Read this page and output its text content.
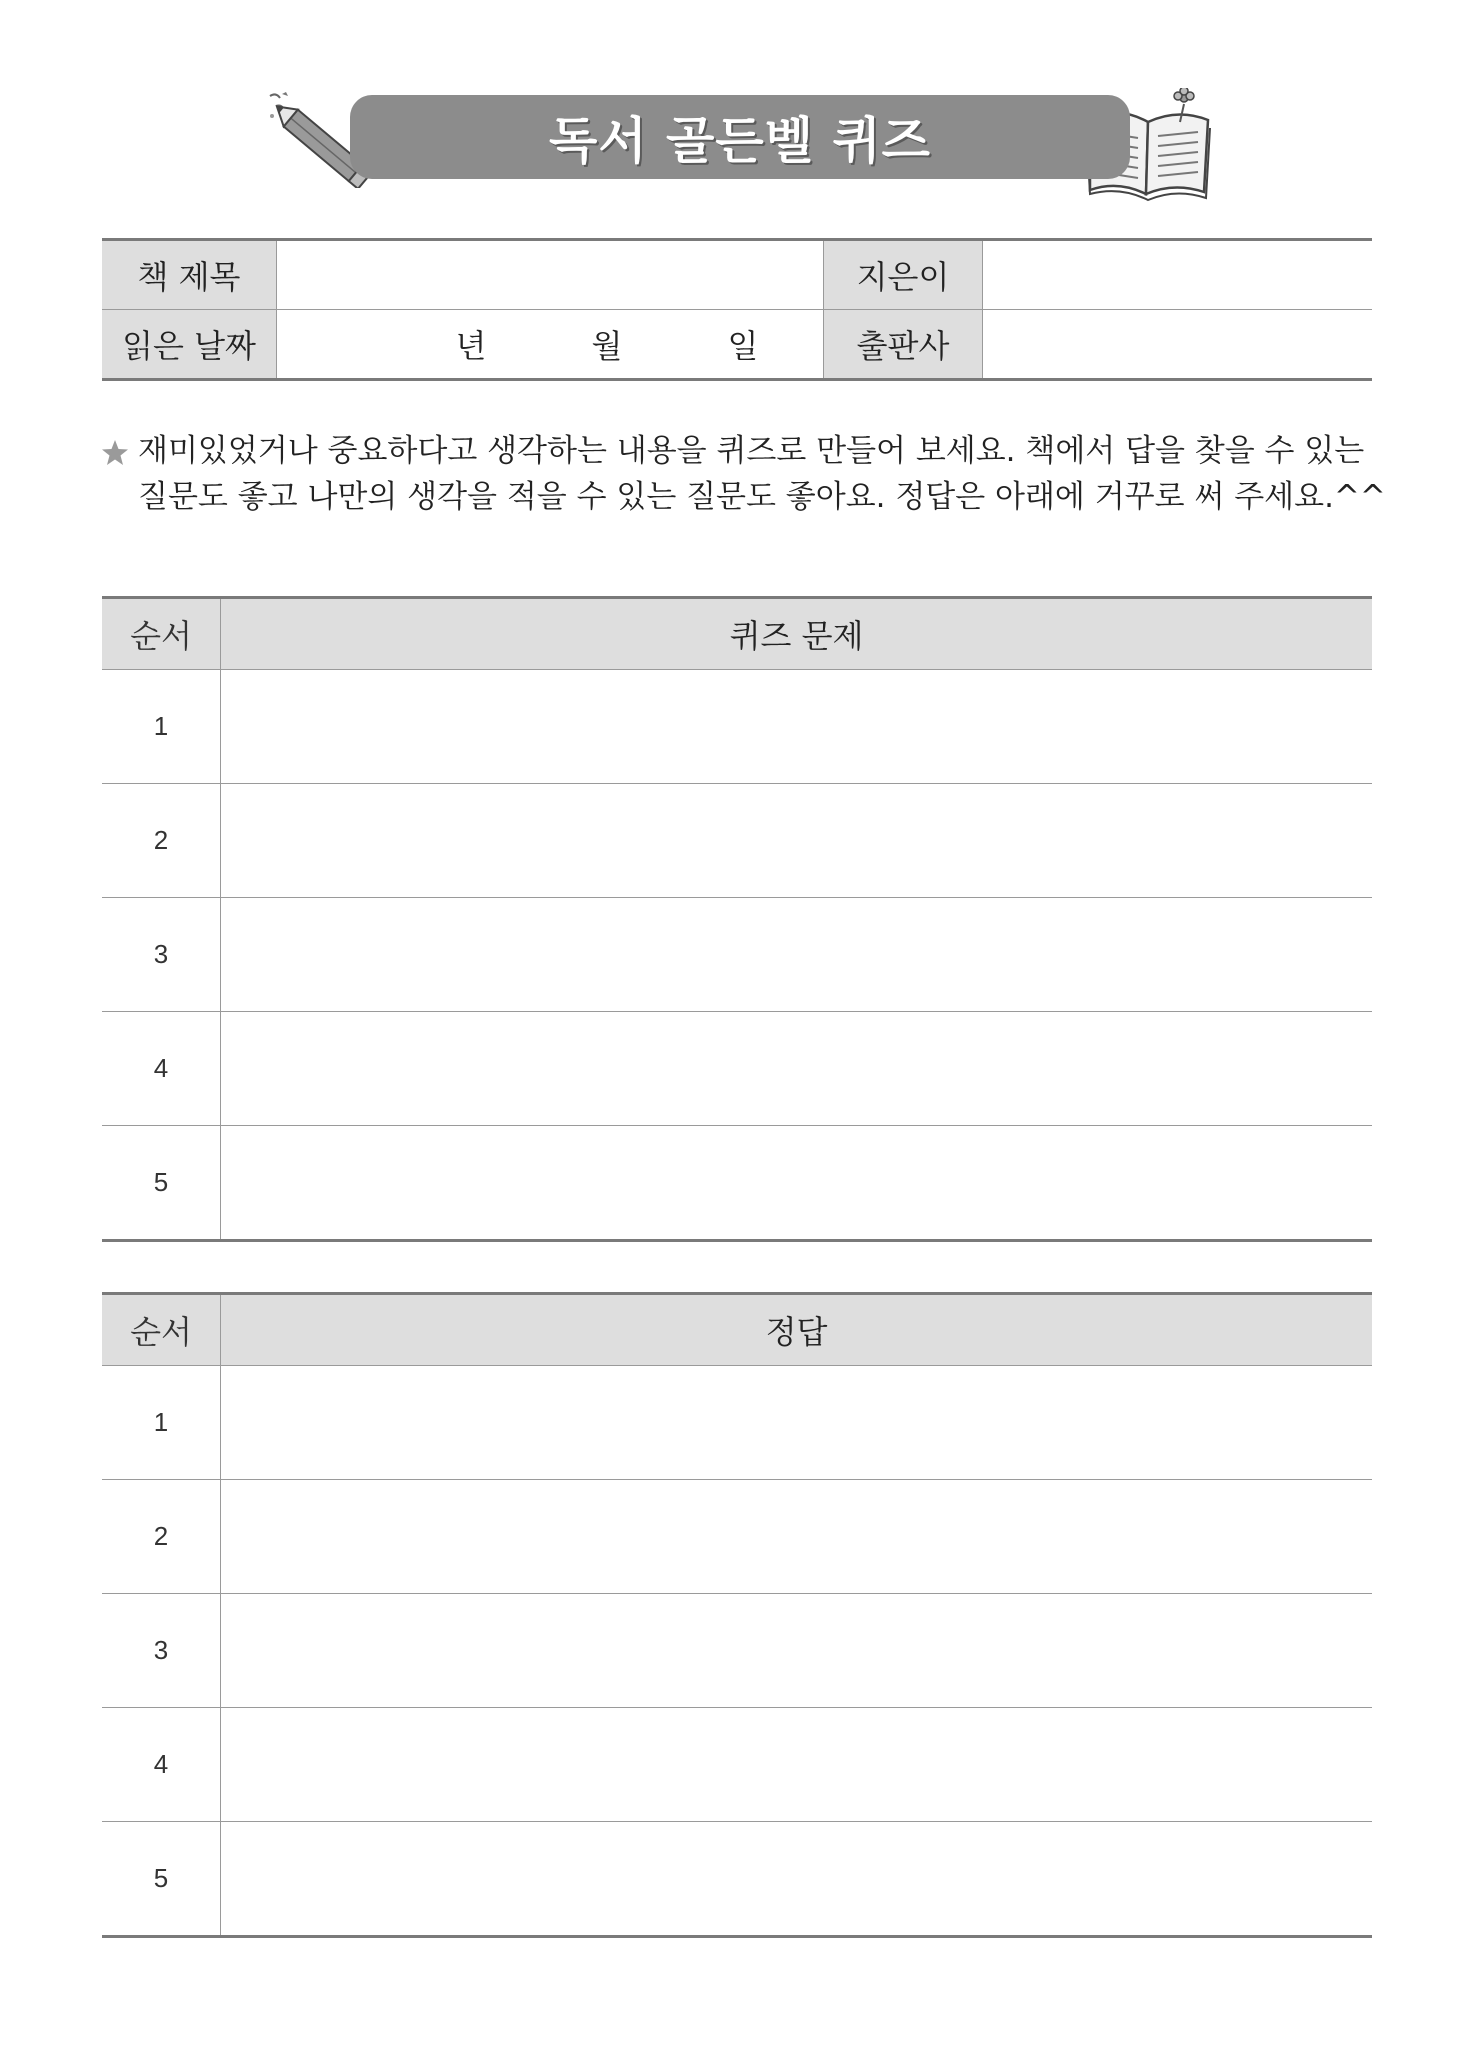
독서 골든벨 퀴즈
책 제목		지은이	
읽은 날짜	년 월 일	출판사	
재미있었거나 중요하다고 생각하는 내용을 퀴즈로 만들어 보세요. 책에서 답을 찾을 수 있는
질문도 좋고 나만의 생각을 적을 수 있는 질문도 좋아요. 정답은 아래에 거꾸로 써 주세요.^^
순서	퀴즈 문제
1	
2	
3	
4	
5	
순서	정답
1	
2	
3	
4	
5	
